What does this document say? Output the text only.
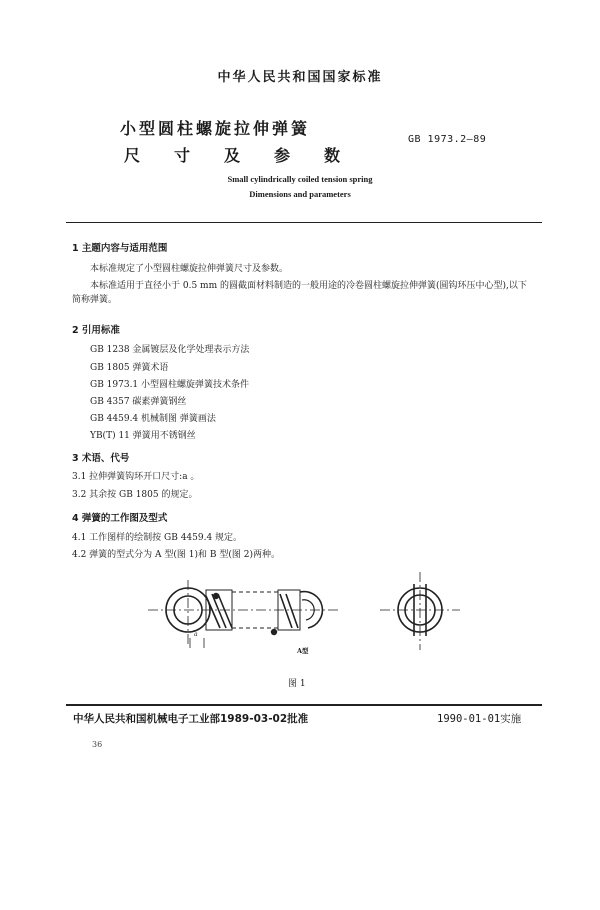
中华人民共和国国家标准
小型圆柱螺旋拉伸弹簧
尺寸及参数
GB 1973.2—89
Small cylindrically coiled tension spring
Dimensions and parameters
1 主题内容与适用范围
本标准规定了小型圆柱螺旋拉伸弹簧尺寸及参数。
本标准适用于直径小于 0.5 mm 的圆截面材料制造的一般用途的冷卷圆柱螺旋拉伸弹簧(圆钩环压中心型),以下简称弹簧。
2 引用标准
GB 1238 金属镀层及化学处理表示方法
GB 1805 弹簧术语
GB 1973.1 小型圆柱螺旋弹簧技术条件
GB 4357 碳素弹簧钢丝
GB 4459.4 机械制图 弹簧画法
YB(T) 11 弹簧用不锈钢丝
3 术语、代号
3.1 拉伸弹簧钩环开口尺寸:a 。
3.2 其余按 GB 1805 的规定。
4 弹簧的工作图及型式
4.1 工作图样的绘制按 GB 4459.4 规定。
4.2 弹簧的型式分为 A 型(图 1)和 B 型(图 2)两种。
a
A型
图 1
中华人民共和国机械电子工业部1989-03-02批准	1990-01-01实施
36
